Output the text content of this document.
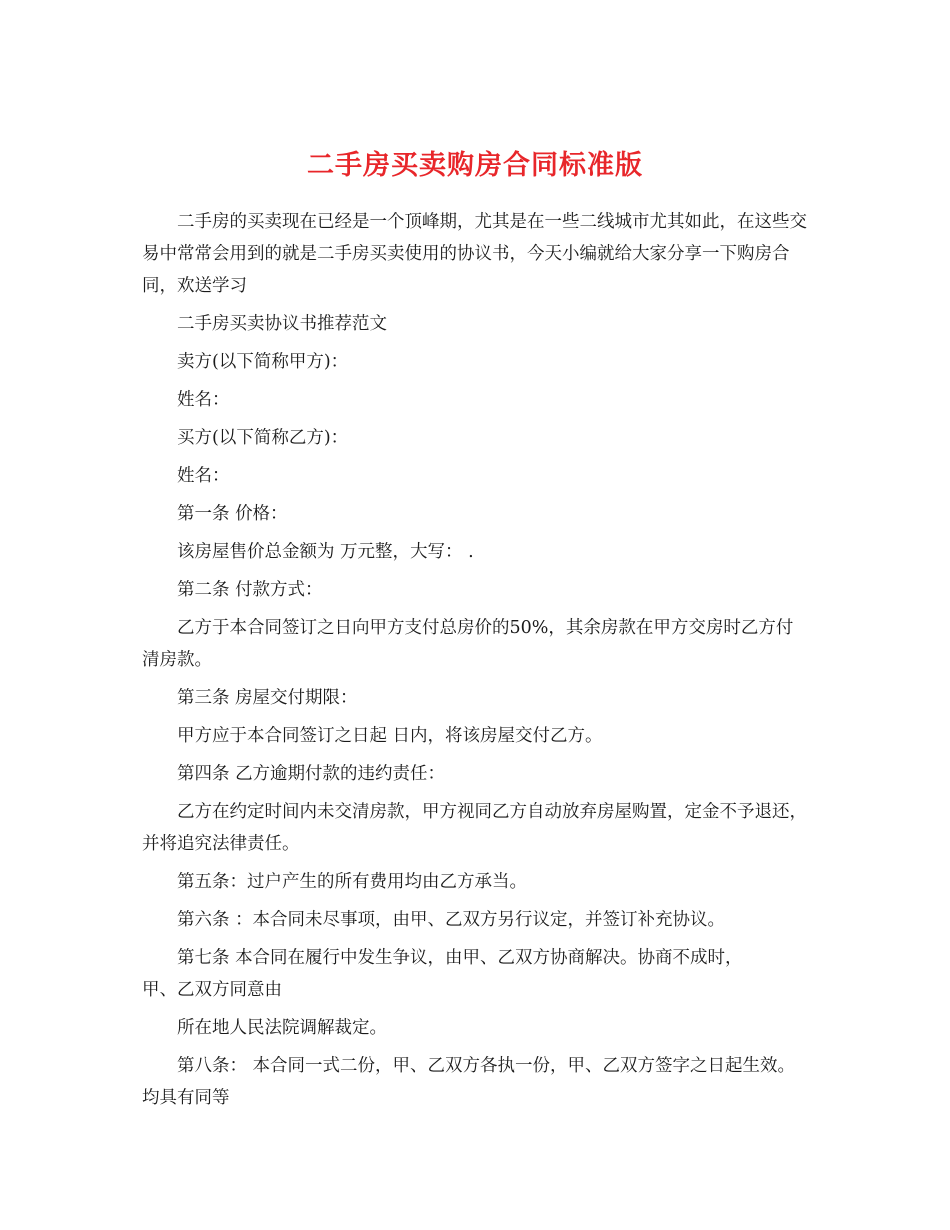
二手房买卖购房合同标准版

二手房的买卖现在已经是一个顶峰期，尤其是在一些二线城市尤其如此，在这些交易中常常会用到的就是二手房买卖使用的协议书，今天小编就给大家分享一下购房合同，欢送学习

二手房买卖协议书推荐范文

卖方(以下简称甲方)：

姓名：

买方(以下简称乙方)：

姓名：

第一条 价格：

该房屋售价总金额为 万元整，大写： .

第二条 付款方式：

乙方于本合同签订之日向甲方支付总房价的50%，其余房款在甲方交房时乙方付清房款。

第三条 房屋交付期限：

甲方应于本合同签订之日起 日内，将该房屋交付乙方。

第四条 乙方逾期付款的违约责任：

乙方在约定时间内未交清房款，甲方视同乙方自动放弃房屋购置，定金不予退还， 并将追究法律责任。

第五条：过户产生的所有费用均由乙方承当。

第六条 ：本合同未尽事项，由甲、乙双方另行议定，并签订补充协议。

第七条 本合同在履行中发生争议，由甲、乙双方协商解决。协商不成时，

甲、乙双方同意由

所在地人民法院调解裁定。

第八条： 本合同一式二份，甲、乙双方各执一份，甲、乙双方签字之日起生效。均具有同等
